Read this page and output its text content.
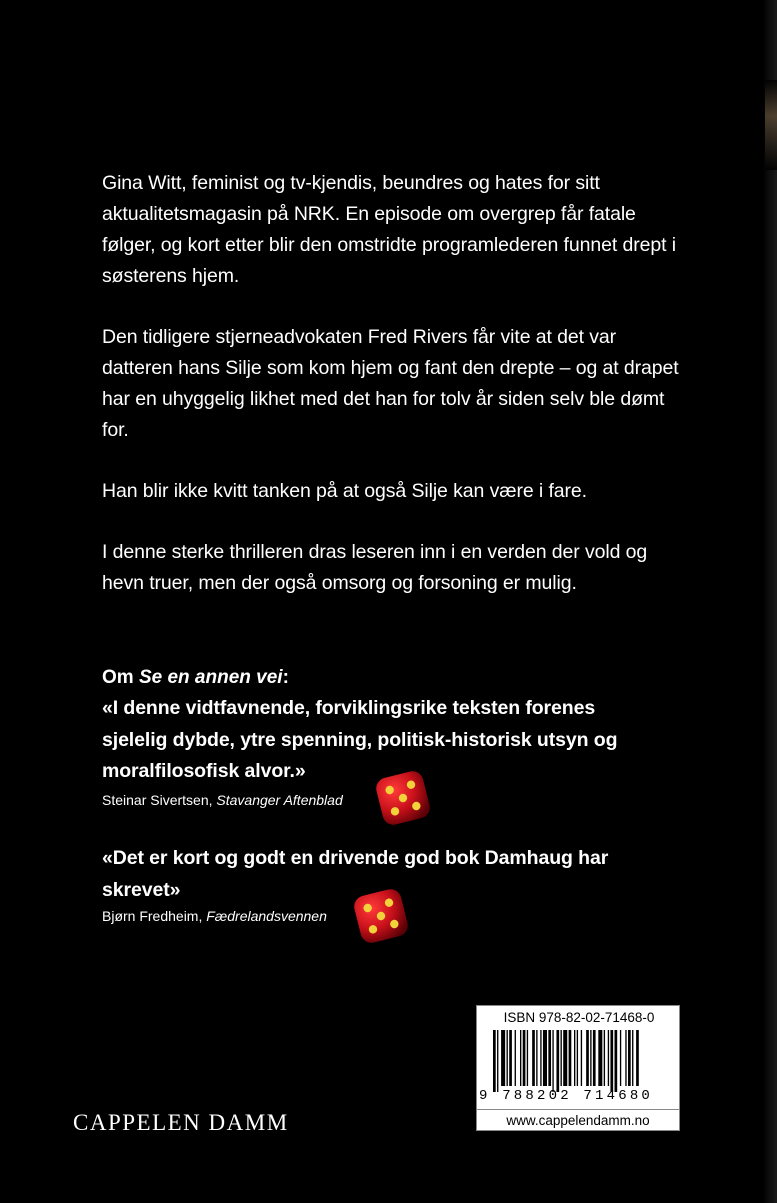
Gina Witt, feminist og tv-kjendis, beundres og hates for sitt aktualitetsmagasin på NRK. En episode om overgrep får fatale følger, og kort etter blir den omstridte programlederen funnet drept i søsterens hjem.

Den tidligere stjerneadvokaten Fred Rivers får vite at det var datteren hans Silje som kom hjem og fant den drepte – og at drapet har en uhyggelig likhet med det han for tolv år siden selv ble dømt for.

Han blir ikke kvitt tanken på at også Silje kan være i fare.

I denne sterke thrilleren dras leseren inn i en verden der vold og hevn truer, men der også omsorg og forsoning er mulig.

Om Se en annen vei:
«I denne vidtfavnende, forviklingsrike teksten forenes sjelelig dybde, ytre spenning, politisk-historisk utsyn og moralfilosofisk alvor.»
Steinar Sivertsen, Stavanger Aftenblad
«Det er kort og godt en drivende god bok Damhaug har skrevet»
Bjørn Fredheim, Fædrelandsvennen
CAPPELEN DAMM
ISBN 978-82-02-71468-0
9 788202 714680
www.cappelendamm.no
